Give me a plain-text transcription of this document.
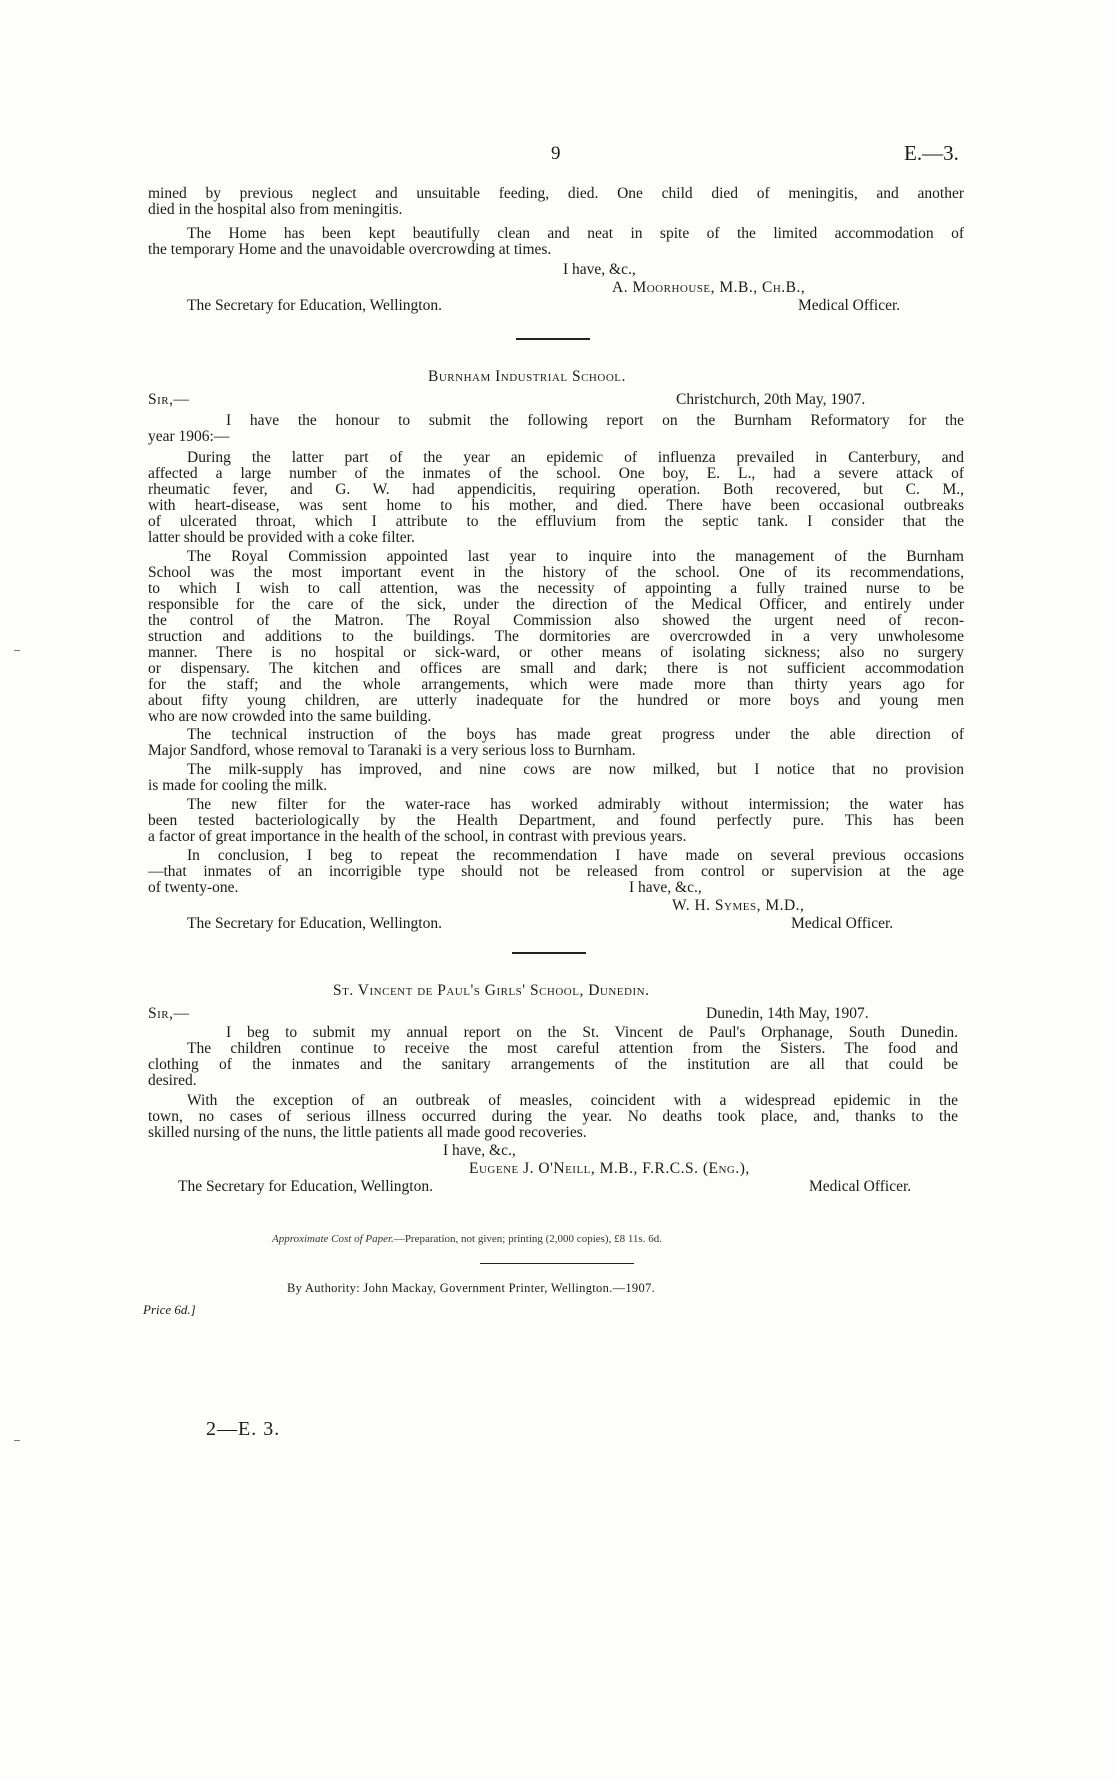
9	E.—3.
mined by previous neglect and unsuitable feeding, died. One child died of meningitis, and another
died in the hospital also from meningitis.
The Home has been kept beautifully clean and neat in spite of the limited accommodation of
the temporary Home and the unavoidable overcrowding at times.
I have, &c.,
A. Moorhouse, M.B., Ch.B.,
The Secretary for Education, Wellington.	Medical Officer.
Burnham Industrial School.
Sir,—	Christchurch, 20th May, 1907.
I have the honour to submit the following report on the Burnham Reformatory for the
year 1906:—
During the latter part of the year an epidemic of influenza prevailed in Canterbury, and
affected a large number of the inmates of the school. One boy, E. L., had a severe attack of
rheumatic fever, and G. W. had appendicitis, requiring operation. Both recovered, but C. M.,
with heart-disease, was sent home to his mother, and died. There have been occasional outbreaks
of ulcerated throat, which I attribute to the effluvium from the septic tank. I consider that the
latter should be provided with a coke filter.
The Royal Commission appointed last year to inquire into the management of the Burnham
School was the most important event in the history of the school. One of its recommendations,
to which I wish to call attention, was the necessity of appointing a fully trained nurse to be
responsible for the care of the sick, under the direction of the Medical Officer, and entirely under
the control of the Matron. The Royal Commission also showed the urgent need of recon-
struction and additions to the buildings. The dormitories are overcrowded in a very unwholesome
manner. There is no hospital or sick-ward, or other means of isolating sickness; also no surgery
or dispensary. The kitchen and offices are small and dark; there is not sufficient accommodation
for the staff; and the whole arrangements, which were made more than thirty years ago for
about fifty young children, are utterly inadequate for the hundred or more boys and young men
who are now crowded into the same building.
The technical instruction of the boys has made great progress under the able direction of
Major Sandford, whose removal to Taranaki is a very serious loss to Burnham.
The milk-supply has improved, and nine cows are now milked, but I notice that no provision
is made for cooling the milk.
The new filter for the water-race has worked admirably without intermission; the water has
been tested bacteriologically by the Health Department, and found perfectly pure. This has been
a factor of great importance in the health of the school, in contrast with previous years.
In conclusion, I beg to repeat the recommendation I have made on several previous occasions
—that inmates of an incorrigible type should not be released from control or supervision at the age
of twenty-one.	I have, &c.,
W. H. Symes, M.D.,
The Secretary for Education, Wellington.	Medical Officer.
St. Vincent de Paul's Girls' School, Dunedin.
Sir,—	Dunedin, 14th May, 1907.
I beg to submit my annual report on the St. Vincent de Paul's Orphanage, South Dunedin.
The children continue to receive the most careful attention from the Sisters. The food and
clothing of the inmates and the sanitary arrangements of the institution are all that could be
desired.
With the exception of an outbreak of measles, coincident with a widespread epidemic in the
town, no cases of serious illness occurred during the year. No deaths took place, and, thanks to the
skilled nursing of the nuns, the little patients all made good recoveries.
I have, &c.,
Eugene J. O'Neill, M.B., F.R.C.S. (Eng.),
The Secretary for Education, Wellington.	Medical Officer.
Approximate Cost of Paper.—Preparation, not given; printing (2,000 copies), £8 11s. 6d.
By Authority: John Mackay, Government Printer, Wellington.—1907.
Price 6d.]
2—E. 3.
